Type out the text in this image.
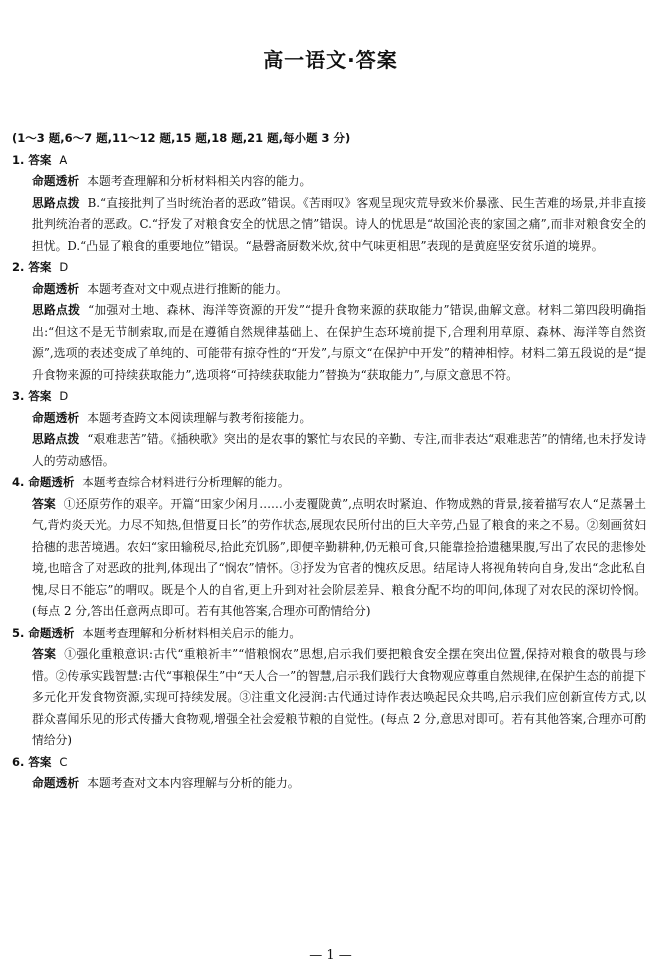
高一语文·答案
(1～3 题,6～7 题,11～12 题,15 题,18 题,21 题,每小题 3 分)
1. 答案 A

命题透析 本题考查理解和分析材料相关内容的能力。

思路点拨 B.“直接批判了当时统治者的恶政”错误。《苦雨叹》客观呈现灾荒导致米价暴涨、民生苦难的场景,并非直接批判统治者的恶政。C.“抒发了对粮食安全的忧思之情”错误。诗人的忧思是“故国沦丧的家国之痛”,而非对粮食安全的担忧。D.“凸显了粮食的重要地位”错误。“悬磬斋厨数米炊,贫中气味更相思”表现的是黄庭坚安贫乐道的境界。

2. 答案 D

命题透析 本题考查对文中观点进行推断的能力。

思路点拨 “加强对土地、森林、海洋等资源的开发”“提升食物来源的获取能力”错误,曲解文意。材料二第四段明确指出:“但这不是无节制索取,而是在遵循自然规律基础上、在保护生态环境前提下,合理利用草原、森林、海洋等自然资源”,选项的表述变成了单纯的、可能带有掠夺性的“开发”,与原文“在保护中开发”的精神相悖。材料二第五段说的是“提升食物来源的可持续获取能力”,选项将“可持续获取能力”替换为“获取能力”,与原文意思不符。

3. 答案 D

命题透析 本题考查跨文本阅读理解与教考衔接能力。

思路点拨 “艰难悲苦”错。《插秧歌》突出的是农事的繁忙与农民的辛勤、专注,而非表达“艰难悲苦”的情绪,也未抒发诗人的劳动感悟。

4. 命题透析 本题考查综合材料进行分析理解的能力。

答案 ①还原劳作的艰辛。开篇“田家少闲月……小麦覆陇黄”,点明农时紧迫、作物成熟的背景,接着描写农人“足蒸暑土气,背灼炎天光。力尽不知热,但惜夏日长”的劳作状态,展现农民所付出的巨大辛劳,凸显了粮食的来之不易。②刻画贫妇拾穗的悲苦境遇。农妇“家田输税尽,拾此充饥肠”,即便辛勤耕种,仍无粮可食,只能靠捡拾遗穗果腹,写出了农民的悲惨处境,也暗含了对恶政的批判,体现出了“悯农”情怀。③抒发为官者的愧疚反思。结尾诗人将视角转向自身,发出“念此私自愧,尽日不能忘”的喟叹。既是个人的自省,更上升到对社会阶层差异、粮食分配不均的叩问,体现了对农民的深切怜悯。(每点 2 分,答出任意两点即可。若有其他答案,合理亦可酌情给分)

5. 命题透析 本题考查理解和分析材料相关启示的能力。

答案 ①强化重粮意识:古代“重粮祈丰”“惜粮悯农”思想,启示我们要把粮食安全摆在突出位置,保持对粮食的敬畏与珍惜。②传承实践智慧:古代“事粮保生”中“天人合一”的智慧,启示我们践行大食物观应尊重自然规律,在保护生态的前提下多元化开发食物资源,实现可持续发展。③注重文化浸润:古代通过诗作表达唤起民众共鸣,启示我们应创新宣传方式,以群众喜闻乐见的形式传播大食物观,增强全社会爱粮节粮的自觉性。(每点 2 分,意思对即可。若有其他答案,合理亦可酌情给分)

6. 答案 C

命题透析 本题考查对文本内容理解与分析的能力。

— 1 —
